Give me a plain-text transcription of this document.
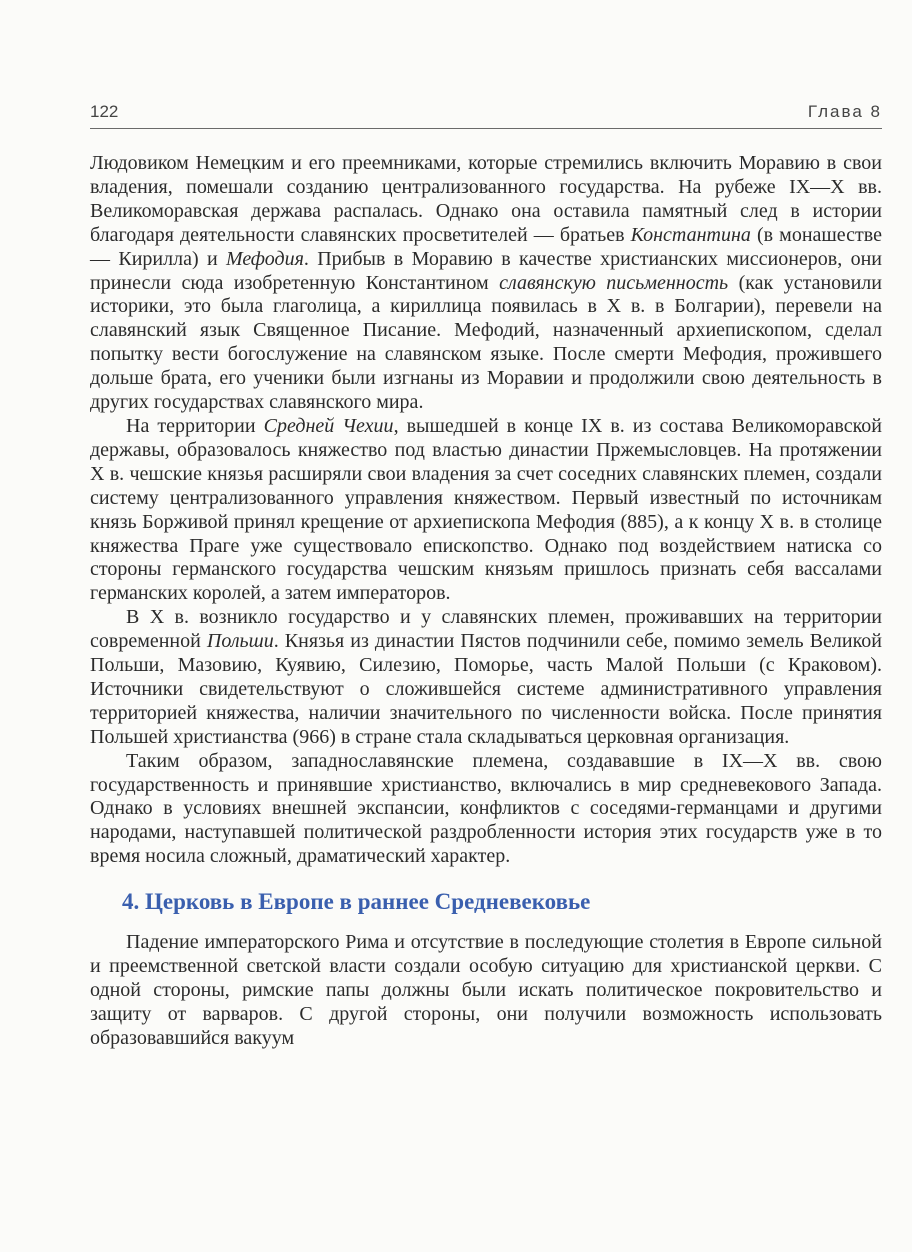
122	Глава 8

Людовиком Немецким и его преемниками, которые стремились включить Моравию в свои владения, помешали созданию централизованного государства. На рубеже IX—X вв. Великоморавская держава распалась. Однако она оставила памятный след в истории благодаря деятельности славянских просветителей — братьев Константина (в монашестве — Кирилла) и Мефодия. Прибыв в Моравию в качестве христианских миссионеров, они принесли сюда изобретенную Константином славянскую письменность (как установили историки, это была глаголица, а кириллица появилась в X в. в Болгарии), перевели на славянский язык Священное Писание. Мефодий, назначенный архиепископом, сделал попытку вести богослужение на славянском языке. После смерти Мефодия, прожившего дольше брата, его ученики были изгнаны из Моравии и продолжили свою деятельность в других государствах славянского мира.

На территории Средней Чехии, вышедшей в конце IX в. из состава Великоморавской державы, образовалось княжество под властью династии Пржемысловцев. На протяжении X в. чешские князья расширяли свои владения за счет соседних славянских племен, создали систему централизованного управления княжеством. Первый известный по источникам князь Борживой принял крещение от архиепископа Мефодия (885), а к концу X в. в столице княжества Праге уже существовало епископство. Однако под воздействием натиска со стороны германского государства чешским князьям пришлось признать себя вассалами германских королей, а затем императоров.

В X в. возникло государство и у славянских племен, проживавших на территории современной Польши. Князья из династии Пястов подчинили себе, помимо земель Великой Польши, Мазовию, Куявию, Силезию, Поморье, часть Малой Польши (с Краковом). Источники свидетельствуют о сложившейся системе административного управления территорией княжества, наличии значительного по численности войска. После принятия Польшей христианства (966) в стране стала складываться церковная организация.

Таким образом, западнославянские племена, создававшие в IX—X вв. свою государственность и принявшие христианство, включались в мир средневекового Запада. Однако в условиях внешней экспансии, конфликтов с соседями-германцами и другими народами, наступавшей политической раздробленности история этих государств уже в то время носила сложный, драматический характер.

4. Церковь в Европе в раннее Средневековье

Падение императорского Рима и отсутствие в последующие столетия в Европе сильной и преемственной светской власти создали особую ситуацию для христианской церкви. С одной стороны, римские папы должны были искать политическое покровительство и защиту от варваров. С другой стороны, они получили возможность использовать образовавшийся вакуум
